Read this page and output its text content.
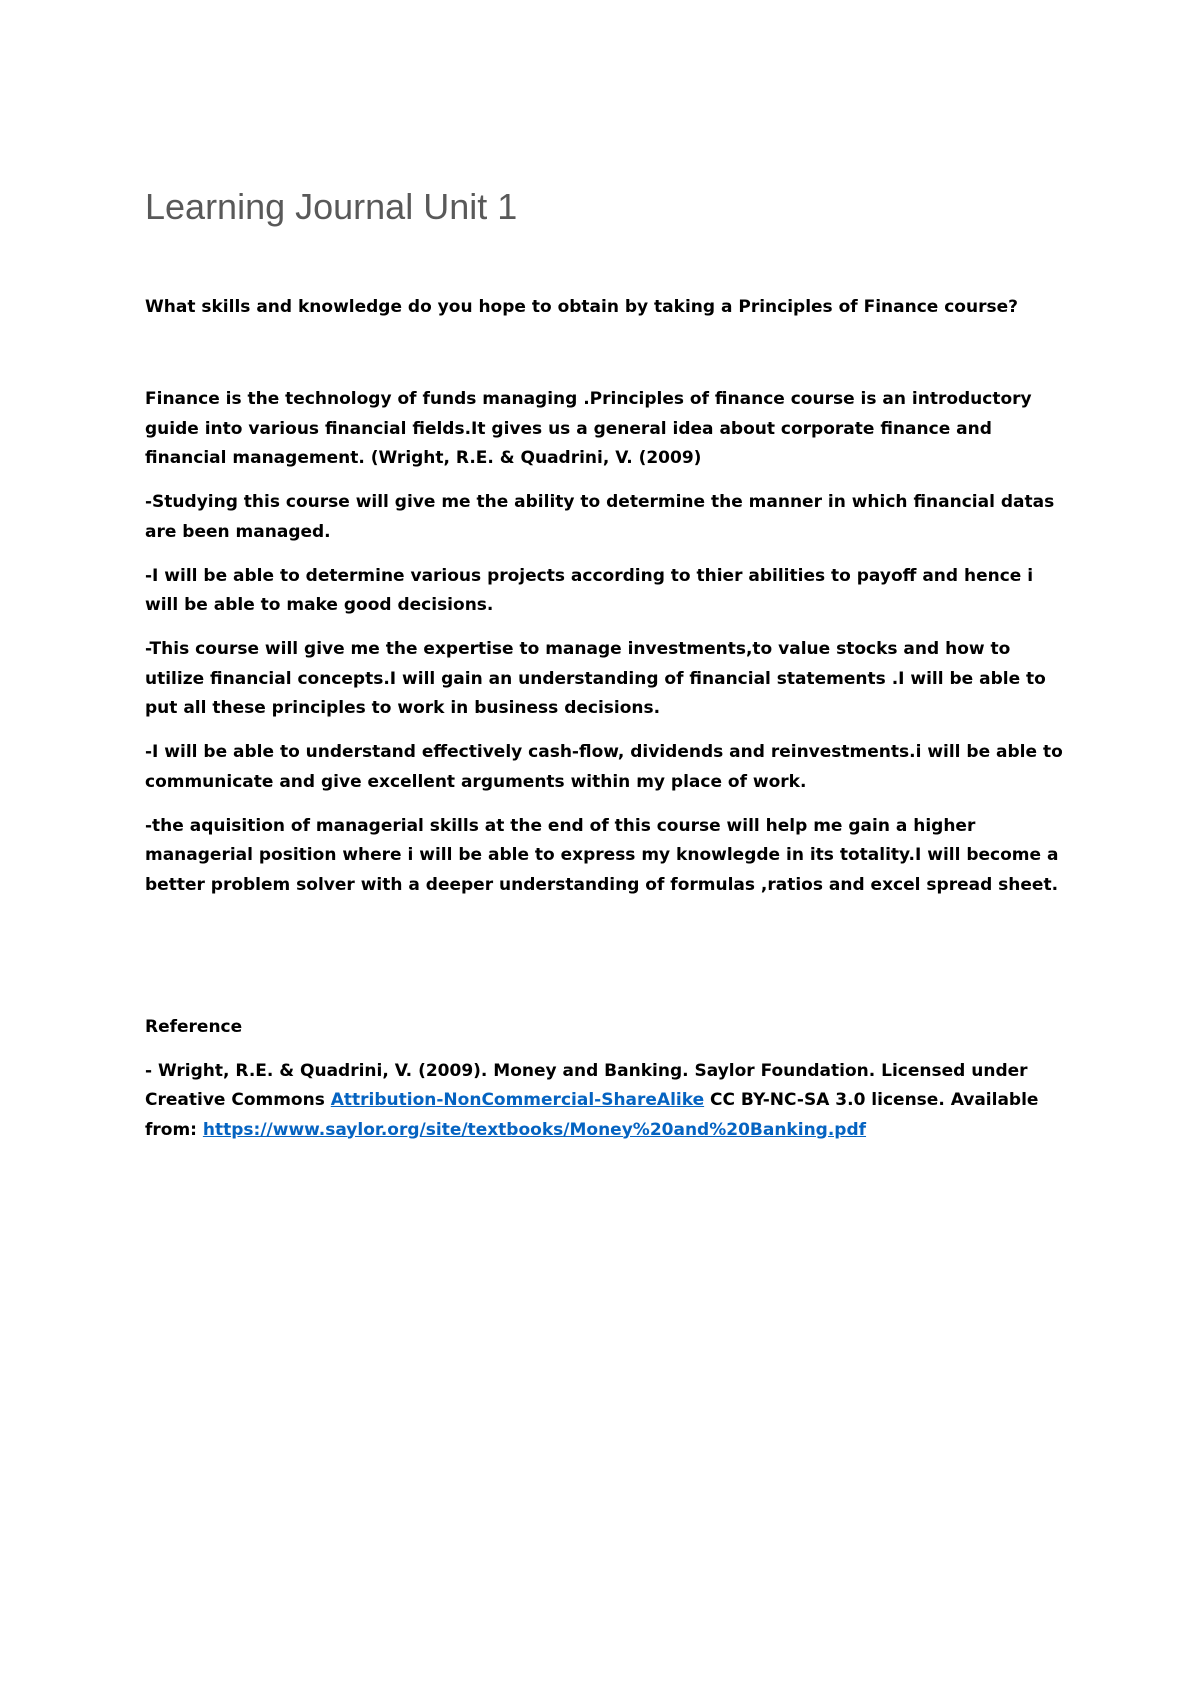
Learning Journal Unit 1

What skills and knowledge do you hope to obtain by taking a Principles of Finance course?

Finance is the technology of funds managing .Principles of finance course is an introductory guide into various financial fields.It gives us a general idea about corporate finance and financial management. (Wright, R.E. & Quadrini, V. (2009)

-Studying this course will give me the ability to determine the manner in which financial datas are been managed.

-I will be able to determine various projects according to thier abilities to payoff and hence i will be able to make good decisions.

-This course will give me the expertise to manage investments,to value stocks and how to utilize financial concepts.I will gain an understanding of financial statements .I will be able to put all these principles to work in business decisions.

-I will be able to understand effectively cash-flow, dividends and reinvestments.i will be able to communicate and give excellent arguments within my place of work.

-the aquisition of managerial skills at the end of this course will help me gain a higher managerial position where i will be able to express my knowlegde in its totality.I will become a better problem solver with a deeper understanding of formulas ,ratios and excel spread sheet.

Reference

- Wright, R.E. & Quadrini, V. (2009). Money and Banking. Saylor Foundation. Licensed under Creative Commons Attribution-NonCommercial-ShareAlike CC BY-NC-SA 3.0 license. Available from: https://www.saylor.org/site/textbooks/Money%20and%20Banking.pdf
